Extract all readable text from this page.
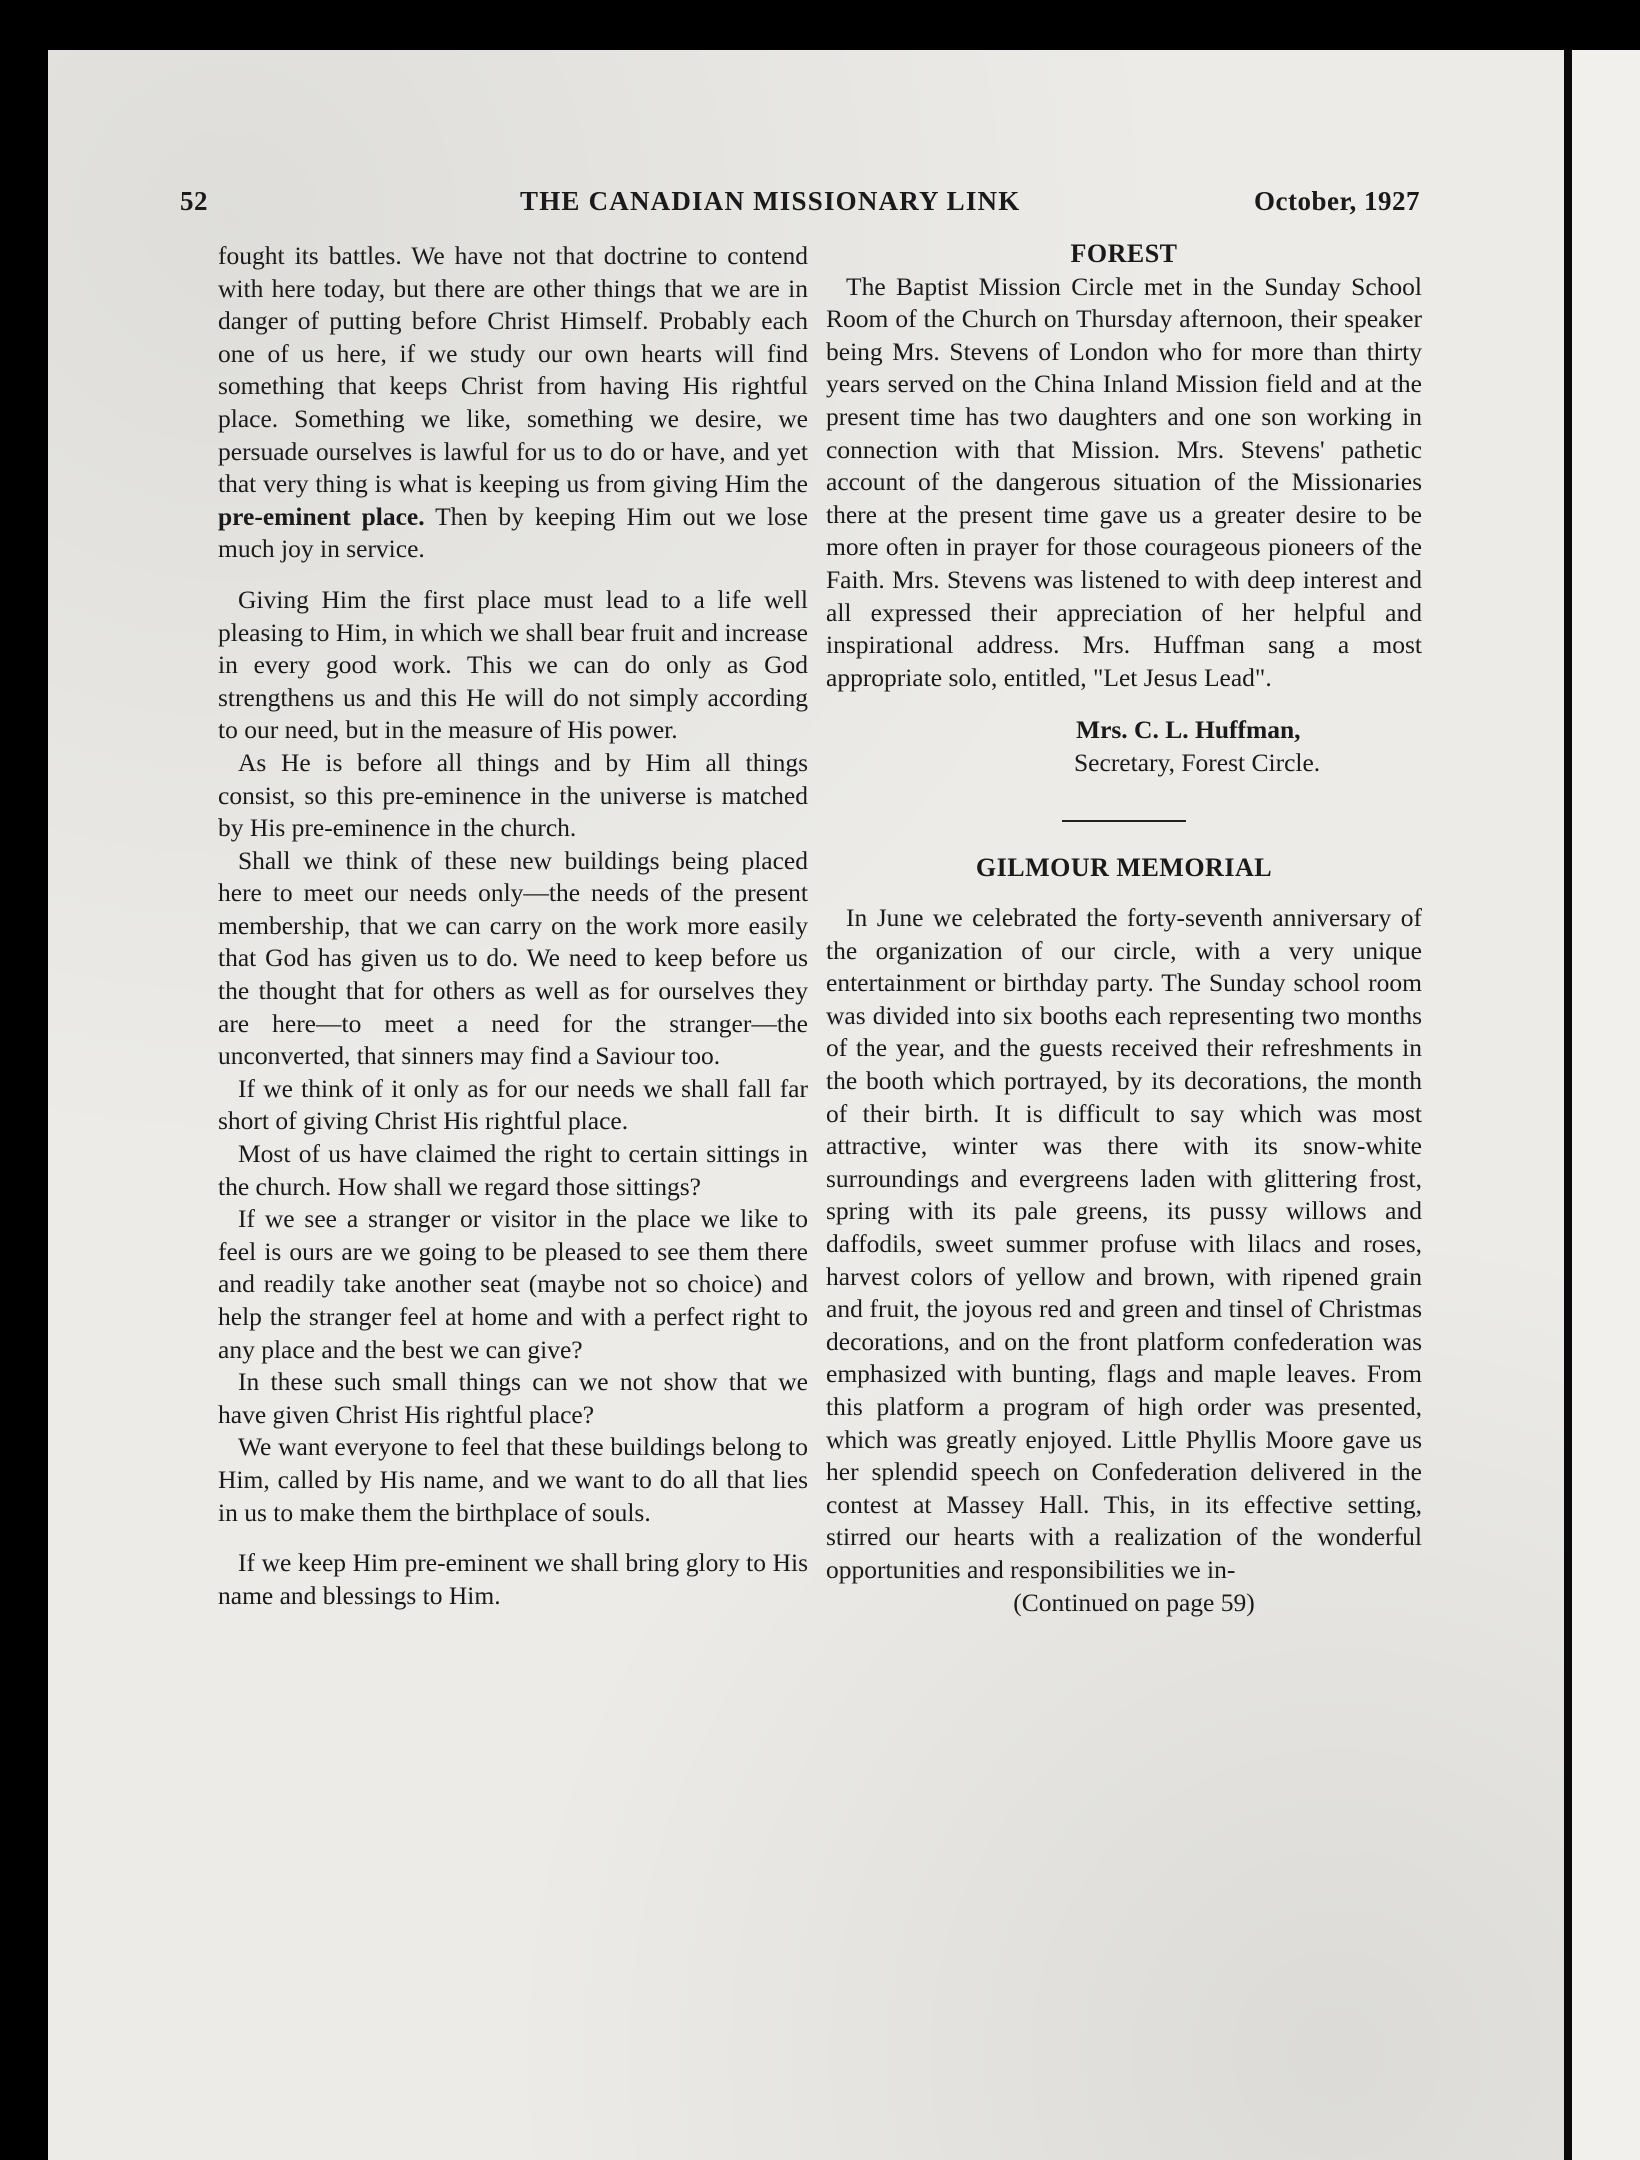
52	THE CANADIAN MISSIONARY LINK	October, 1927

fought its battles. We have not that doctrine to contend with here today, but there are other things that we are in danger of putting before Christ Himself. Probably each one of us here, if we study our own hearts will find something that keeps Christ from having His rightful place. Something we like, something we desire, we persuade ourselves is lawful for us to do or have, and yet that very thing is what is keeping us from giving Him the pre-eminent place. Then by keeping Him out we lose much joy in service.

Giving Him the first place must lead to a life well pleasing to Him, in which we shall bear fruit and increase in every good work. This we can do only as God strengthens us and this He will do not simply according to our need, but in the measure of His power.

As He is before all things and by Him all things consist, so this pre-eminence in the universe is matched by His pre-eminence in the church.

Shall we think of these new buildings being placed here to meet our needs only—the needs of the present membership, that we can carry on the work more easily that God has given us to do. We need to keep before us the thought that for others as well as for ourselves they are here—to meet a need for the stranger—the unconverted, that sinners may find a Saviour too.

If we think of it only as for our needs we shall fall far short of giving Christ His rightful place.

Most of us have claimed the right to certain sittings in the church. How shall we regard those sittings?

If we see a stranger or visitor in the place we like to feel is ours are we going to be pleased to see them there and readily take another seat (maybe not so choice) and help the stranger feel at home and with a perfect right to any place and the best we can give?

In these such small things can we not show that we have given Christ His rightful place?

We want everyone to feel that these buildings belong to Him, called by His name, and we want to do all that lies in us to make them the birthplace of souls.

If we keep Him pre-eminent we shall bring glory to His name and blessings to Him.

FOREST

The Baptist Mission Circle met in the Sunday School Room of the Church on Thursday afternoon, their speaker being Mrs. Stevens of London who for more than thirty years served on the China Inland Mission field and at the present time has two daughters and one son working in connection with that Mission. Mrs. Stevens' pathetic account of the dangerous situation of the Missionaries there at the present time gave us a greater desire to be more often in prayer for those courageous pioneers of the Faith. Mrs. Stevens was listened to with deep interest and all expressed their appreciation of her helpful and inspirational address. Mrs. Huffman sang a most appropriate solo, entitled, "Let Jesus Lead".

Mrs. C. L. Huffman,
Secretary, Forest Circle.
GILMOUR MEMORIAL

In June we celebrated the forty-seventh anniversary of the organization of our circle, with a very unique entertainment or birthday party. The Sunday school room was divided into six booths each representing two months of the year, and the guests received their refreshments in the booth which portrayed, by its decorations, the month of their birth. It is difficult to say which was most attractive, winter was there with its snow-white surroundings and evergreens laden with glittering frost, spring with its pale greens, its pussy willows and daffodils, sweet summer profuse with lilacs and roses, harvest colors of yellow and brown, with ripened grain and fruit, the joyous red and green and tinsel of Christmas decorations, and on the front platform confederation was emphasized with bunting, flags and maple leaves. From this platform a program of high order was presented, which was greatly enjoyed. Little Phyllis Moore gave us her splendid speech on Confederation delivered in the contest at Massey Hall. This, in its effective setting, stirred our hearts with a realization of the wonderful opportunities and responsibilities we in-

(Continued on page 59)
